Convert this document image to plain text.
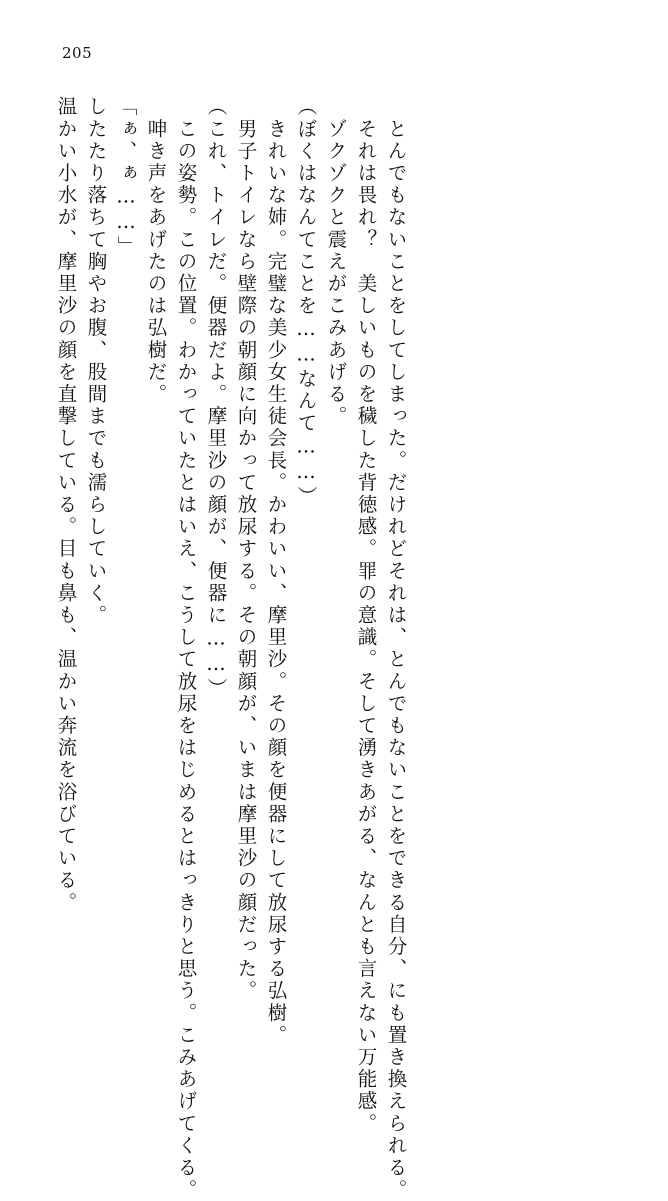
205
温かい小水が、摩里沙の顔を直撃している。目も鼻も、温かい奔流を浴びている。 したたり落ちて胸やお腹、股間までも濡らしていく。 「ぁ、ぁ……」 　呻き声をあげたのは弘樹だ。 　この姿勢。この位置。わかっていたとはいえ、こうして放尿をはじめるとはっきりと思う。こみあげてくる。 （これ、トイレだ。便器だよ。摩里沙の顔が、便器に……） 　男子トイレなら壁際の朝顔に向かって放尿する。その朝顔が、いまは摩里沙の顔だった。 　きれいな姉。完璧な美少女生徒会長。かわいい、摩里沙。その顔を便器にして放尿する弘樹。 （ぼくはなんてことを……なんて……） 　ゾクゾクと震えがこみあげる。 　それは畏れ？　美しいものを穢した背徳感。罪の意識。そして湧きあがる、なんとも言えない万能感。 　とんでもないことをしてしまった。だけれどそれは、とんでもないことをできる自分、にも置き換えられる。
